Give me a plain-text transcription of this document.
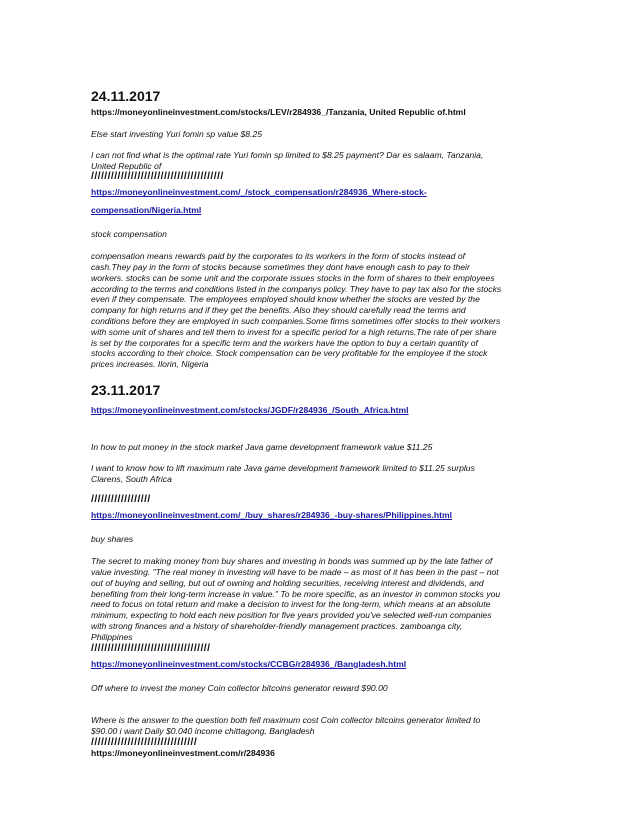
24.11.2017

https://moneyonlineinvestment.com/stocks/LEV/r284936_/Tanzania, United Republic of.html

Else start investing Yuri fomin sp value $8.25

I can not find what is the optimal rate Yuri fomin sp limited to $8.25 payment? Dar es salaam, Tanzania,

United Republic of

////////////////////////////////////////

https://moneyonlineinvestment.com/_/stock_compensation/r284936_Where-stock-
compensation/Nigeria.html

stock compensation

compensation means rewards paid by the corporates to its workers in the form of stocks instead of

cash.They pay in the form of stocks because sometimes they dont have enough cash to pay to their

workers. stocks can be some unit and the corporate issues stocks in the form of shares to their employees

according to the terms and conditions listed in the companys policy. They have to pay tax also for the stocks

even if they compensate. The employees employed should know whether the stocks are vested by the

company for high returns and if they get the benefits. Also they should carefully read the terms and

conditions before they are employed in such companies.Some firms sometimes offer stocks to their workers

with some unit of shares and tell them to invest for a specific period for a high returns.The rate of per share

is set by the corporates for a specific term and the workers have the option to buy a certain quantity of

stocks according to their choice. Stock compensation can be very profitable for the employee if the stock

prices increases. Ilorin, Nigeria

23.11.2017

https://moneyonlineinvestment.com/stocks/JGDF/r284936_/South_Africa.html

In how to put money in the stock market Java game development framework value $11.25

I want to know how to lift maximum rate Java game development framework limited to $11.25 surplus

Clarens, South Africa

//////////////////

https://moneyonlineinvestment.com/_/buy_shares/r284936_-buy-shares/Philippines.html

buy shares

The secret to making money from buy shares and investing in bonds was summed up by the late father of

value investing. "The real money in investing will have to be made – as most of it has been in the past – not

out of buying and selling, but out of owning and holding securities, receiving interest and dividends, and

benefiting from their long-term increase in value." To be more specific, as an investor in common stocks you

need to focus on total return and make a decision to invest for the long-term, which means at an absolute

minimum, expecting to hold each new position for five years provided you've selected well-run companies

with strong finances and a history of shareholder-friendly management practices. zamboanga city,

Philippines

////////////////////////////////////

https://moneyonlineinvestment.com/stocks/CCBG/r284936_/Bangladesh.html

Off where to invest the money Coin collector bitcoins generator reward $90.00

Where is the answer to the question both fell maximum cost Coin collector bitcoins generator limited to

$90.00 i want Daily $0.040 income chittagong, Bangladesh

////////////////////////////////

https://moneyonlineinvestment.com/r/284936
